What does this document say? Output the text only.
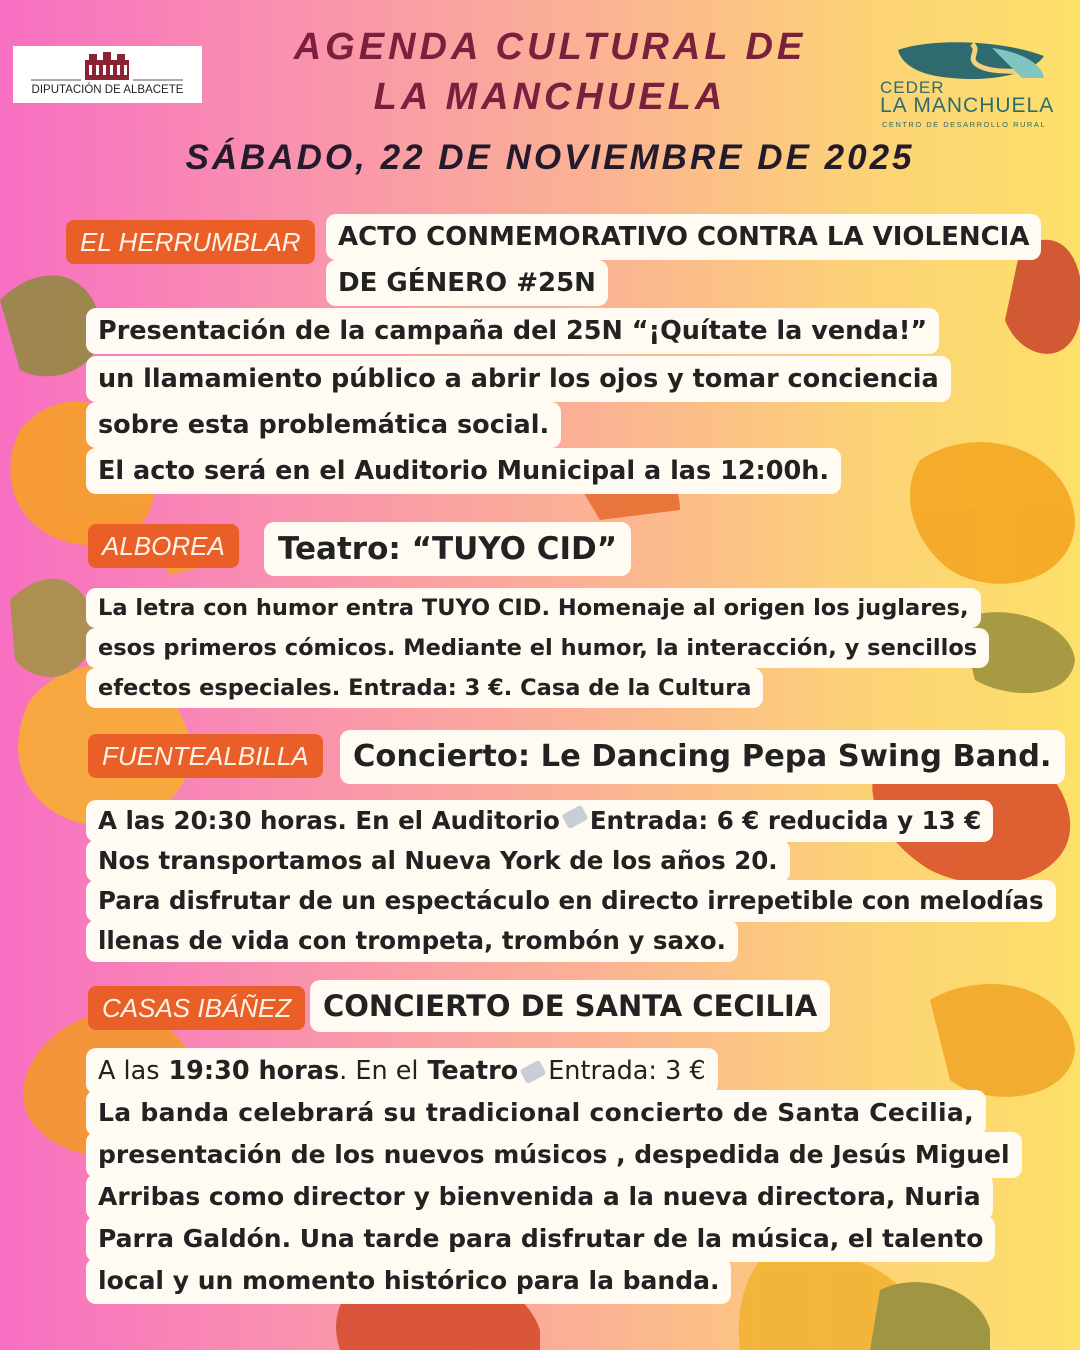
DIPUTACIÓN DE ALBACETE
AGENDA CULTURAL DE
LA MANCHUELA	CEDER
LA MANCHUELA
CENTRO DE DESARROLLO RURAL
SÁBADO, 22 DE NOVIEMBRE DE 2025
EL HERRUMBLAR	ACTO CONMEMORATIVO CONTRA LA VIOLENCIA
DE GÉNERO #25N
Presentación de la campaña del 25N “¡Quítate la venda!”
un llamamiento público a abrir los ojos y tomar conciencia
sobre esta problemática social.
El acto será en el Auditorio Municipal a las 12:00h.
ALBOREA	Teatro: “TUYO CID”
La letra con humor entra TUYO CID. Homenaje al origen los juglares,
esos primeros cómicos. Mediante el humor, la interacción, y sencillos
efectos especiales. Entrada: 3 €. Casa de la Cultura
FUENTEALBILLA	Concierto: Le Dancing Pepa Swing Band.
A las 20:30 horas. En el Auditorio Entrada: 6 € reducida y 13 €
Nos transportamos al Nueva York de los años 20.
Para disfrutar de un espectáculo en directo irrepetible con melodías
llenas de vida con trompeta, trombón y saxo.
CASAS IBÁÑEZ	CONCIERTO DE SANTA CECILIA
A las 19:30 horas. En el Teatro Entrada: 3 €
La banda celebrará su tradicional concierto de Santa Cecilia,
presentación de los nuevos músicos , despedida de Jesús Miguel
Arribas como director y bienvenida a la nueva directora, Nuria
Parra Galdón. Una tarde para disfrutar de la música, el talento
local y un momento histórico para la banda.
